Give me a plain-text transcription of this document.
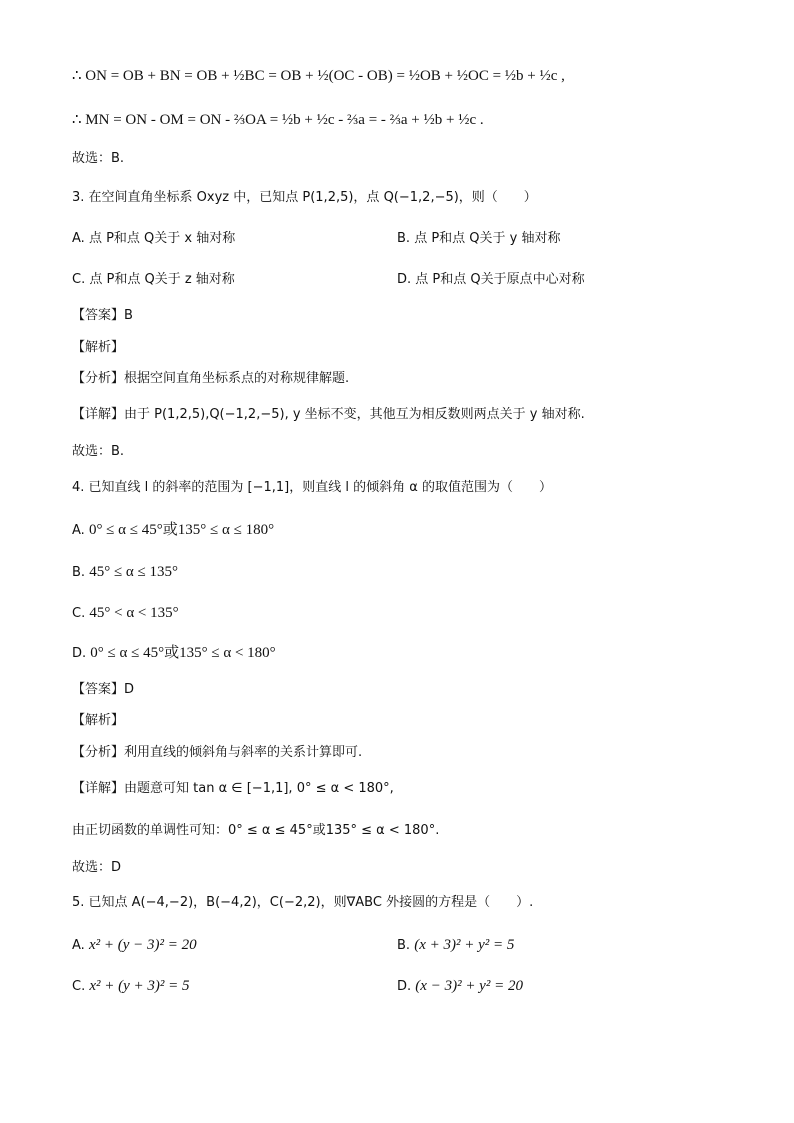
∴ ON = OB + BN = OB + ½BC = OB + ½(OC - OB) = ½OB + ½OC = ½b + ½c ,
∴ MN = ON - OM = ON - ⅔OA = ½b + ½c - ⅔a = - ⅔a + ½b + ½c .
故选：B.
3. 在空间直角坐标系 Oxyz 中，已知点 P(1,2,5)，点 Q(−1,2,−5)，则（　　）
A. 点 P和点 Q关于 x 轴对称	B. 点 P和点 Q关于 y 轴对称
C. 点 P和点 Q关于 z 轴对称	D. 点 P和点 Q关于原点中心对称
【答案】B
【解析】
【分析】根据空间直角坐标系点的对称规律解题.
【详解】由于 P(1,2,5),Q(−1,2,−5), y 坐标不变，其他互为相反数则两点关于 y 轴对称.
故选：B.
4. 已知直线 l 的斜率的范围为 [−1,1]，则直线 l 的倾斜角 α 的取值范围为（　　）
A. 0° ≤ α ≤ 45°或135° ≤ α ≤ 180°
B. 45° ≤ α ≤ 135°
C. 45° < α < 135°
D. 0° ≤ α ≤ 45°或135° ≤ α < 180°
【答案】D
【解析】
【分析】利用直线的倾斜角与斜率的关系计算即可.
【详解】由题意可知 tan α ∈ [−1,1], 0° ≤ α < 180°,
由正切函数的单调性可知：0° ≤ α ≤ 45°或135° ≤ α < 180°.
故选：D
5. 已知点 A(−4,−2)，B(−4,2)，C(−2,2)，则∇ABC 外接圆的方程是（　　）.
A. x² + (y − 3)² = 20	B. (x + 3)² + y² = 5
C. x² + (y + 3)² = 5	D. (x − 3)² + y² = 20
